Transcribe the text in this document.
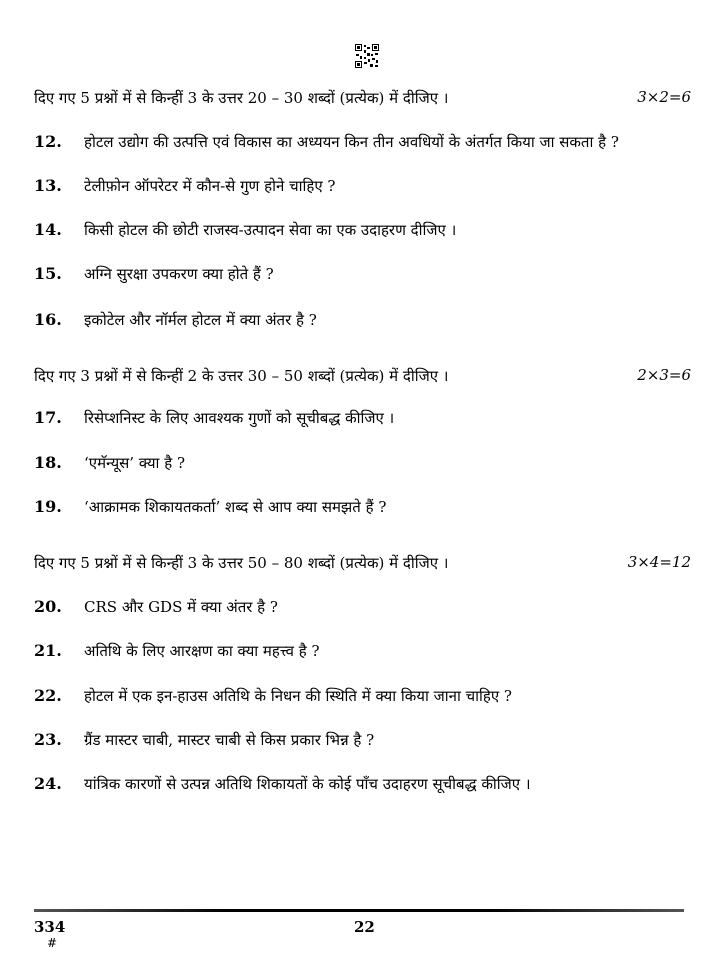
दिए गए 5 प्रश्नों में से किन्हीं 3 के उत्तर 20 – 30 शब्दों (प्रत्येक) में दीजिए ।	3×2=6
12. होटल उद्योग की उत्पत्ति एवं विकास का अध्ययन किन तीन अवधियों के अंतर्गत किया जा सकता है ?
13. टेलीफ़ोन ऑपरेटर में कौन-से गुण होने चाहिए ?
14. किसी होटल की छोटी राजस्व-उत्पादन सेवा का एक उदाहरण दीजिए ।
15. अग्नि सुरक्षा उपकरण क्या होते हैं ?
16. इकोटेल और नॉर्मल होटल में क्या अंतर है ?
दिए गए 3 प्रश्नों में से किन्हीं 2 के उत्तर 30 – 50 शब्दों (प्रत्येक) में दीजिए ।	2×3=6
17. रिसेप्शनिस्ट के लिए आवश्यक गुणों को सूचीबद्ध कीजिए ।
18. ‘एमॅन्यूस’ क्या है ?
19. ‘आक्रामक शिकायतकर्ता’ शब्द से आप क्या समझते हैं ?
दिए गए 5 प्रश्नों में से किन्हीं 3 के उत्तर 50 – 80 शब्दों (प्रत्येक) में दीजिए ।	3×4=12
20. CRS और GDS में क्या अंतर है ?
21. अतिथि के लिए आरक्षण का क्या महत्त्व है ?
22. होटल में एक इन-हाउस अतिथि के निधन की स्थिति में क्या किया जाना चाहिए ?
23. ग्रैंड मास्टर चाबी, मास्टर चाबी से किस प्रकार भिन्न है ?
24. यांत्रिक कारणों से उत्पन्न अतिथि शिकायतों के कोई पाँच उदाहरण सूचीबद्ध कीजिए ।
334	22
#
